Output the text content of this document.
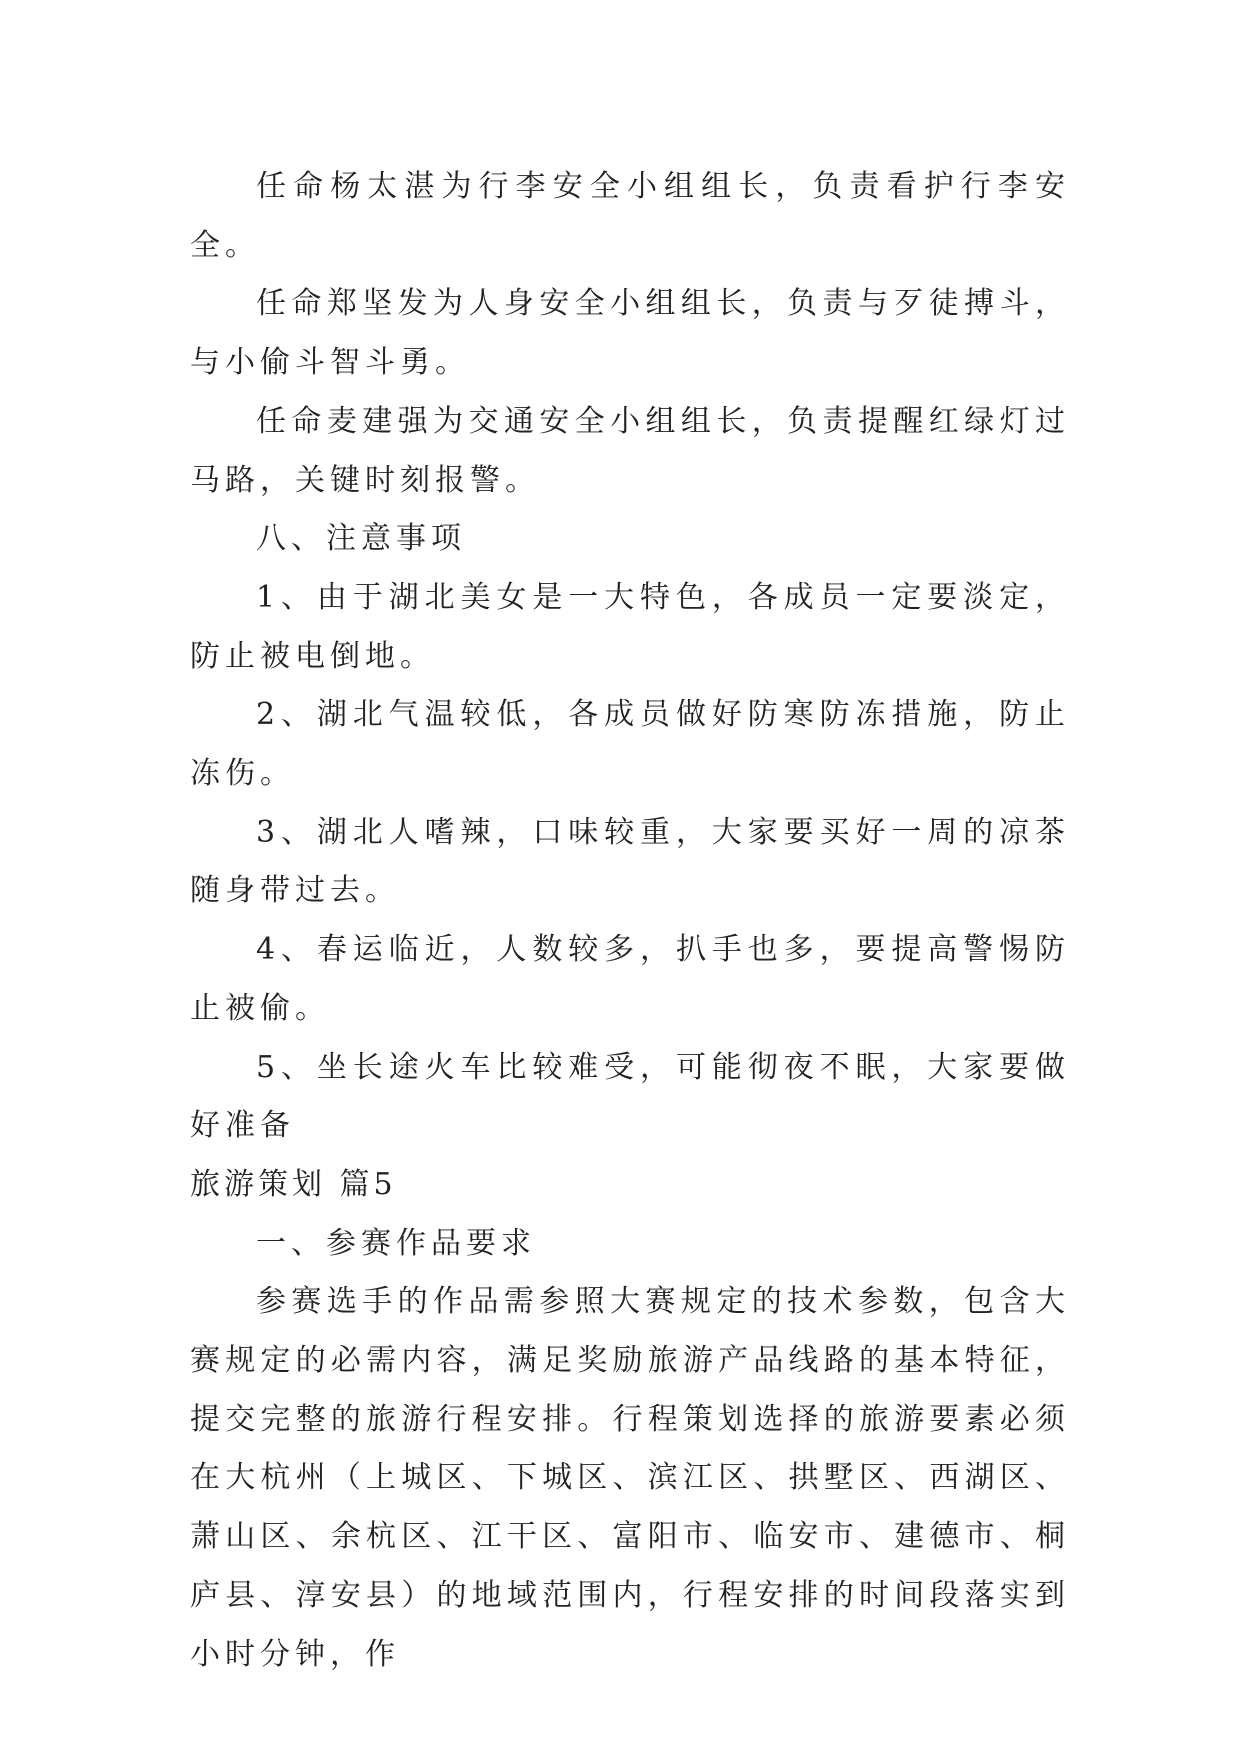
任命杨太湛为行李安全小组组长，负责看护行李安全。

任命郑坚发为人身安全小组组长，负责与歹徒搏斗，与小偷斗智斗勇。

任命麦建强为交通安全小组组长，负责提醒红绿灯过马路，关键时刻报警。

八、注意事项

1、由于湖北美女是一大特色，各成员一定要淡定，防止被电倒地。

2、湖北气温较低，各成员做好防寒防冻措施，防止冻伤。

3、湖北人嗜辣，口味较重，大家要买好一周的凉茶随身带过去。

4、春运临近，人数较多，扒手也多，要提高警惕防止被偷。

5、坐长途火车比较难受，可能彻夜不眠，大家要做好准备

旅游策划 篇5

一、参赛作品要求

参赛选手的作品需参照大赛规定的技术参数，包含大赛规定的必需内容，满足奖励旅游产品线路的基本特征，提交完整的旅游行程安排。行程策划选择的旅游要素必须在大杭州（上城区、下城区、滨江区、拱墅区、西湖区、萧山区、余杭区、江干区、富阳市、临安市、建德市、桐庐县、淳安县）的地域范围内，行程安排的时间段落实到小时分钟，作
